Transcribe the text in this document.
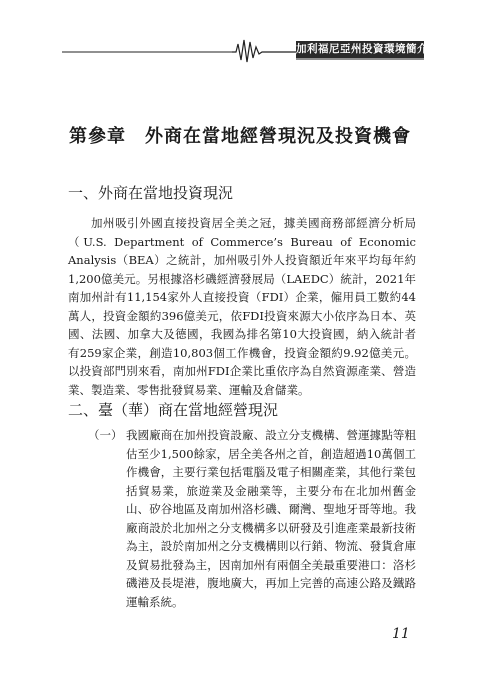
加利福尼亞州投資環境簡介
第參章　外商在當地經營現況及投資機會
一、外商在當地投資現況

加州吸引外國直接投資居全美之冠，據美國商務部經濟分析局（U.S. Department of Commerce’s Bureau of Economic Analysis（BEA）之統計，加州吸引外人投資額近年來平均每年約1,200億美元。另根據洛杉磯經濟發展局（LAEDC）統計，2021年南加州計有11,154家外人直接投資（FDI）企業，僱用員工數約44萬人，投資金額約396億美元，依FDI投資來源大小依序為日本、英國、法國、加拿大及德國，我國為排名第10大投資國，納入統計者有259家企業，創造10,803個工作機會，投資金額約9.92億美元。以投資部門別來看，南加州FDI企業比重依序為自然資源產業、營造業、製造業、零售批發貿易業、運輸及倉儲業。

二、臺（華）商在當地經營現況
（一） 我國廠商在加州投資設廠、設立分支機構、營運據點等粗估至少1,500餘家，居全美各州之首，創造超過10萬個工作機會，主要行業包括電腦及電子相關產業，其他行業包括貿易業，旅遊業及金融業等，主要分布在北加州舊金山、矽谷地區及南加州洛杉磯、爾灣、聖地牙哥等地。我廠商設於北加州之分支機構多以研發及引進產業最新技術為主，設於南加州之分支機構則以行銷、物流、發貨倉庫及貿易批發為主，因南加州有兩個全美最重要港口：洛杉磯港及長堤港，腹地廣大，再加上完善的高速公路及鐵路運輸系統。

11
